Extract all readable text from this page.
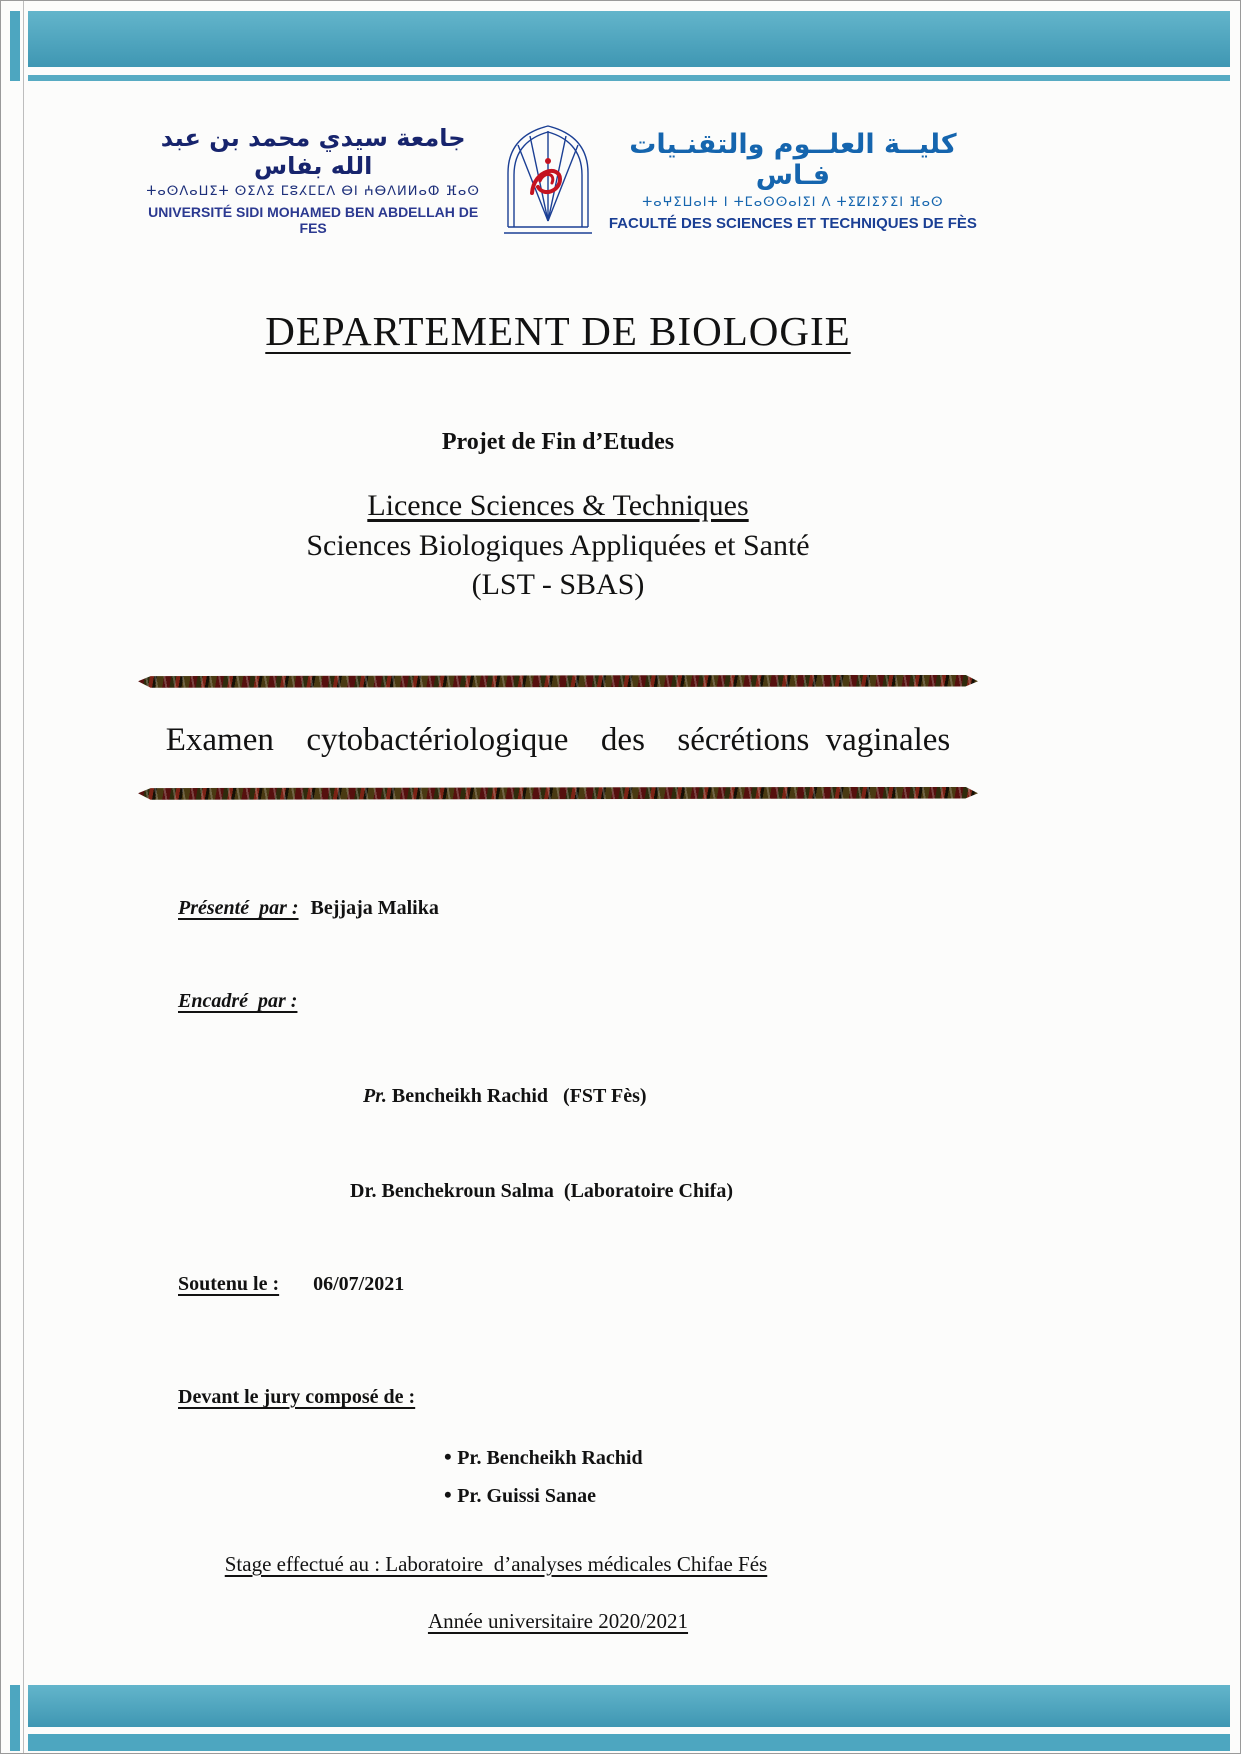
جامعة سيدي محمد بن عبد الله بفاس
ⵜⴰⵙⴷⴰⵡⵉⵜ ⵙⵉⴷⵉ ⵎⵓⵃⵎⵎⴷ ⴱⵏ ⵄⴱⴷⵍⵍⴰⵀ ⴼⴰⵙ
UNIVERSITÉ SIDI MOHAMED BEN ABDELLAH DE FES
كليــة العلــوم والتقنـيات فـاس
ⵜⴰⵖⵉⵡⴰⵏⵜ ⵏ ⵜⵎⴰⵙⵙⴰⵏⵉⵏ ⴷ ⵜⵉⵇⵏⵉⵢⵉⵏ ⴼⴰⵙ
FACULTÉ DES SCIENCES ET TECHNIQUES DE FÈS
DEPARTEMENT DE BIOLOGIE
Projet de Fin d’Etudes
Licence Sciences & Techniques
Sciences Biologiques Appliquées et Santé
(LST - SBAS)
Examen  cytobactériologique  des  sécrétions vaginales

Présenté  par : Bejjaja Malika

Encadré  par :

Pr. Bencheikh Rachid   (FST Fès)

Dr. Benchekroun Salma  (Laboratoire Chifa)

Soutenu le : 06/07/2021

Devant le jury composé de :

• Pr. Bencheikh Rachid
• Pr. Guissi Sanae
Stage effectué au : Laboratoire  d’analyses médicales Chifae Fés
Année universitaire 2020/2021
